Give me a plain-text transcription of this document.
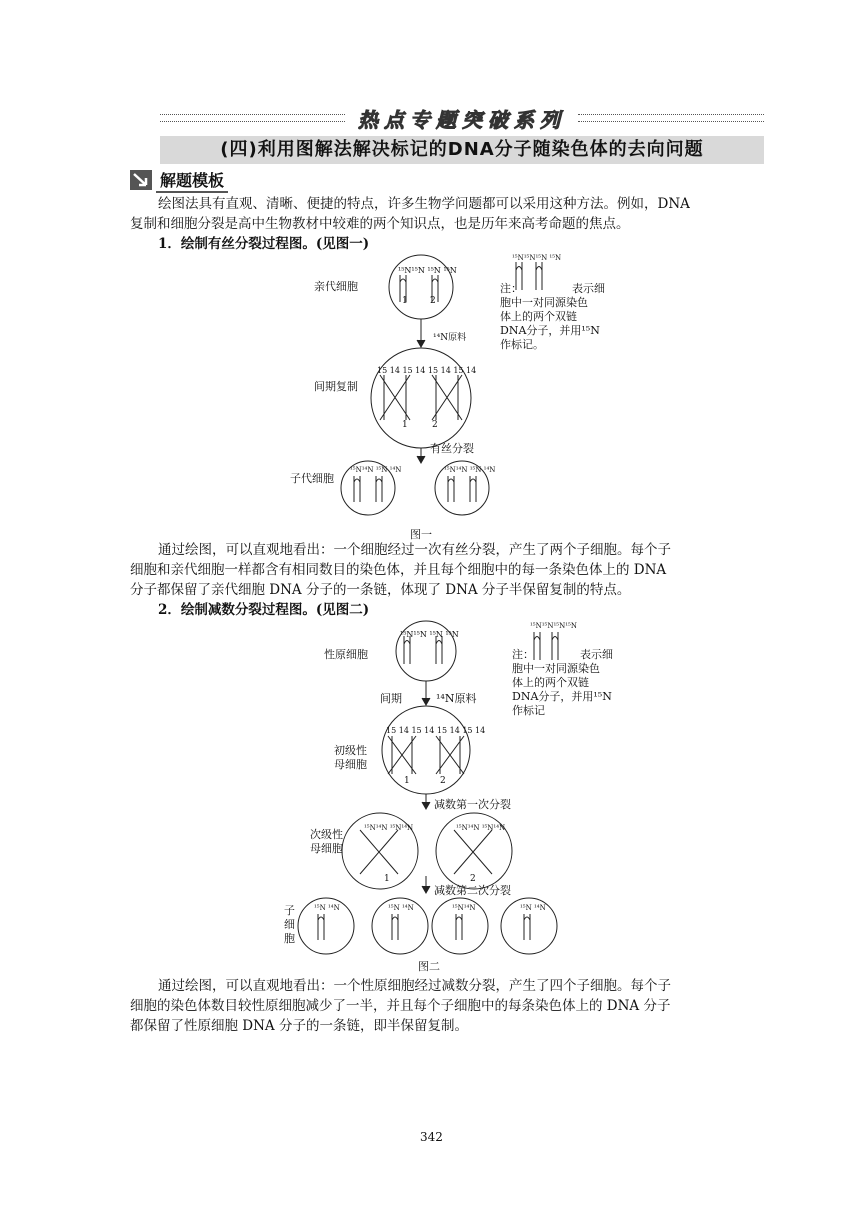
热点专题突破系列
(四)利用图解法解决标记的DNA分子随染色体的去向问题
解题模板
绘图法具有直观、清晰、便捷的特点，许多生物学问题都可以采用这种方法。例如，DNA
复制和细胞分裂是高中生物教材中较难的两个知识点，也是历年来高考命题的焦点。
1．绘制有丝分裂过程图。(见图一)
亲代细胞
¹⁵N¹⁵N ¹⁵N ¹⁵N
1 2
¹⁴N原料
间期复制
15 14 15 14 15 14 15 14
1	2
有丝分裂
子代细胞
¹⁵N¹⁴N ¹⁵N ¹⁴N	¹⁵N¹⁴N ¹⁵N ¹⁴N
¹⁵N¹⁵N¹⁵N ¹⁵N
注：	表示细
胞中一对同源染色
体上的两个双链
DNA分子，并用¹⁵N
作标记。
图一
通过绘图，可以直观地看出：一个细胞经过一次有丝分裂，产生了两个子细胞。每个子
细胞和亲代细胞一样都含有相同数目的染色体，并且每个细胞中的每一条染色体上的 DNA
分子都保留了亲代细胞 DNA 分子的一条链，体现了 DNA 分子半保留复制的特点。
2．绘制减数分裂过程图。(见图二)
性原细胞
¹⁵N¹⁵N ¹⁵N ¹⁵N
间期	¹⁴N原料
初级性
母细胞
15 14 15 14 15 14 15 14
1	2
减数第一次分裂
次级性
母细胞
¹⁵N¹⁴N ¹⁵N¹⁴N	¹⁵N¹⁴N ¹⁵N¹⁴N
1	2
减数第二次分裂
子
细
胞
¹⁵N ¹⁴N	¹⁵N ¹⁴N	¹⁵N¹⁴N	¹⁵N ¹⁴N
¹⁵N¹⁵N¹⁵N¹⁵N
注：	表示细
胞中一对同源染色
体上的两个双链
DNA分子，并用¹⁵N
作标记
图二
通过绘图，可以直观地看出：一个性原细胞经过减数分裂，产生了四个子细胞。每个子
细胞的染色体数目较性原细胞减少了一半，并且每个子细胞中的每条染色体上的 DNA 分子
都保留了性原细胞 DNA 分子的一条链，即半保留复制。
342
